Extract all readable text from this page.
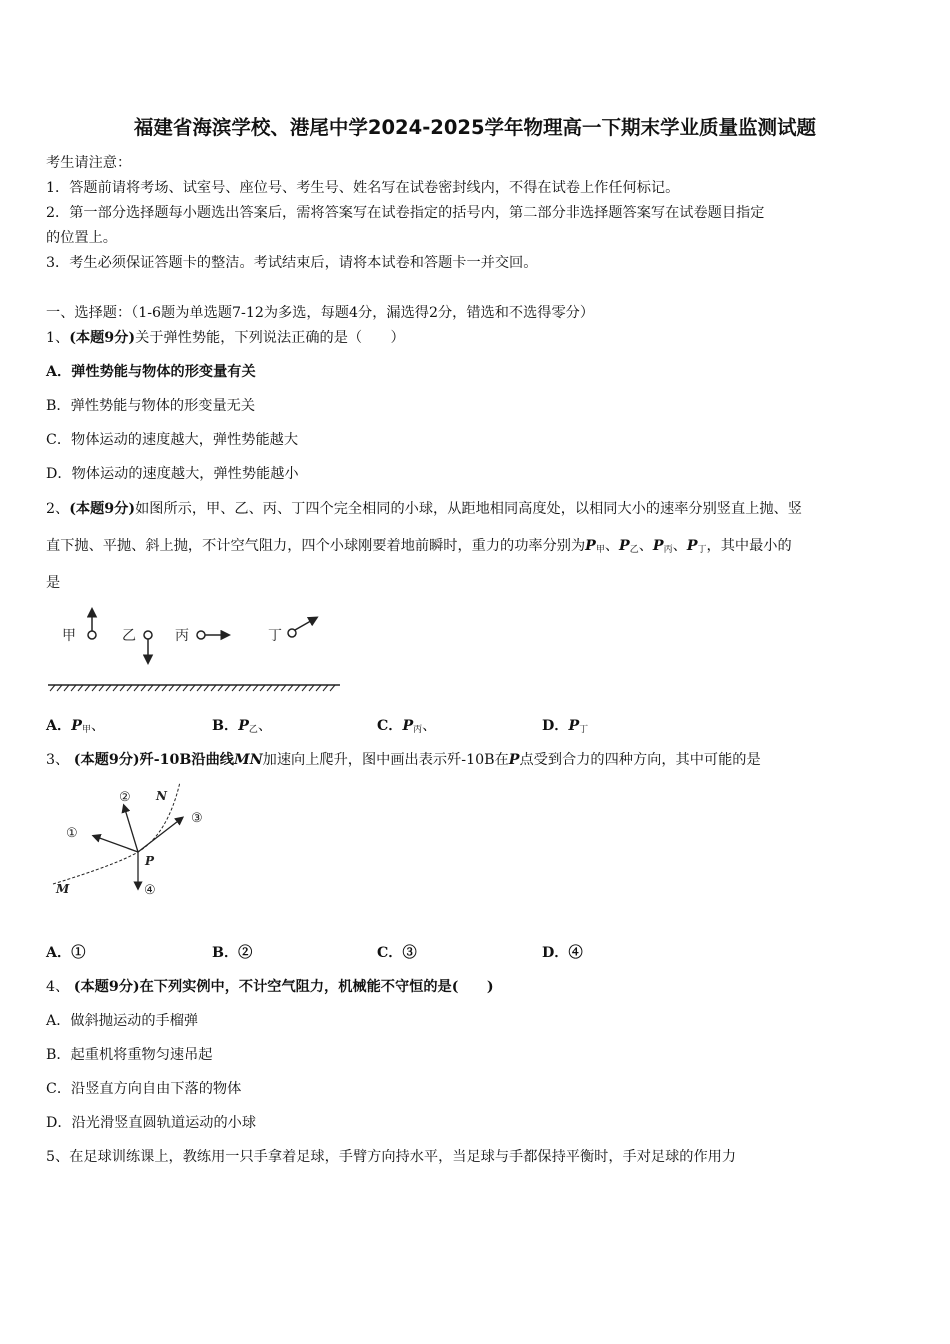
福建省海滨学校、港尾中学2024-2025学年物理高一下期末学业质量监测试题
考生请注意：
1．答题前请将考场、试室号、座位号、考生号、姓名写在试卷密封线内，不得在试卷上作任何标记。
2．第一部分选择题每小题选出答案后，需将答案写在试卷指定的括号内，第二部分非选择题答案写在试卷题目指定
的位置上。
3．考生必须保证答题卡的整洁。考试结束后，请将本试卷和答题卡一并交回。
一、选择题：（1-6题为单选题7-12为多选，每题4分，漏选得2分，错选和不选得零分）
1、(本题9分)关于弹性势能，下列说法正确的是（　　）
A．弹性势能与物体的形变量有关
B．弹性势能与物体的形变量无关
C．物体运动的速度越大，弹性势能越大
D．物体运动的速度越大，弹性势能越小
2、(本题9分)如图所示，甲、乙、丙、丁四个完全相同的小球，从距地相同高度处，以相同大小的速率分别竖直上抛、竖
直下抛、平抛、斜上抛，不计空气阻力，四个小球刚要着地前瞬时，重力的功率分别为$P_甲$、$P_乙$、$P_丙$、$P_丁$，其中最小的
是
甲	乙	丙	丁
A．$P_甲$、	B．$P_乙$、	C．$P_丙$、	D．$P_丁$
3、 (本题9分)歼-10B沿曲线MN加速向上爬升，图中画出表示歼-10B在P点受到合力的四种方向，其中可能的是
①
②
③
④
N
M
P
A．①	B．②	C．③	D．④
4、 (本题9分)在下列实例中，不计空气阻力，机械能不守恒的是(　　)
A．做斜抛运动的手榴弹
B．起重机将重物匀速吊起
C．沿竖直方向自由下落的物体
D．沿光滑竖直圆轨道运动的小球
5、在足球训练课上，教练用一只手拿着足球，手臂方向持水平，当足球与手都保持平衡时，手对足球的作用力
